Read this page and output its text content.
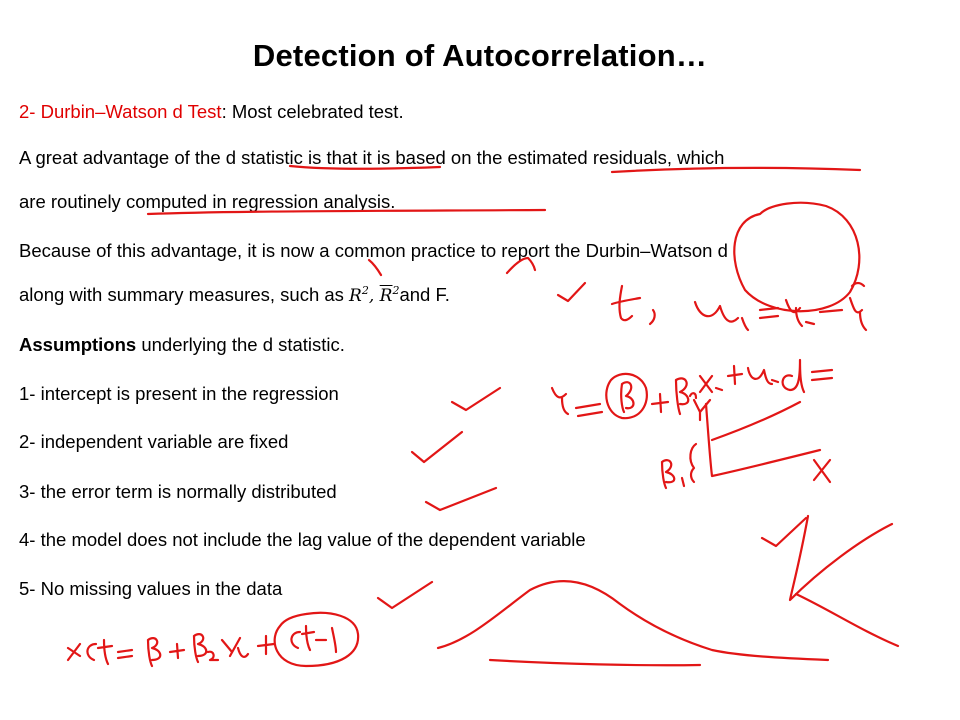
Detection of Autocorrelation…
2- Durbin–Watson d Test: Most celebrated test.
A great advantage of the d statistic is that it is based on the estimated residuals, which
are routinely computed in regression analysis.
Because of this advantage, it is now a common practice to report the Durbin–Watson d
along with summary measures, such as $R^2$, $\overline{R}^2and$ F.
Assumptions underlying the d statistic.
1- intercept is present in the regression
2- independent variable are fixed
3- the error term is normally distributed
4- the model does not include the lag value of the dependent variable
5- No missing values in the data
